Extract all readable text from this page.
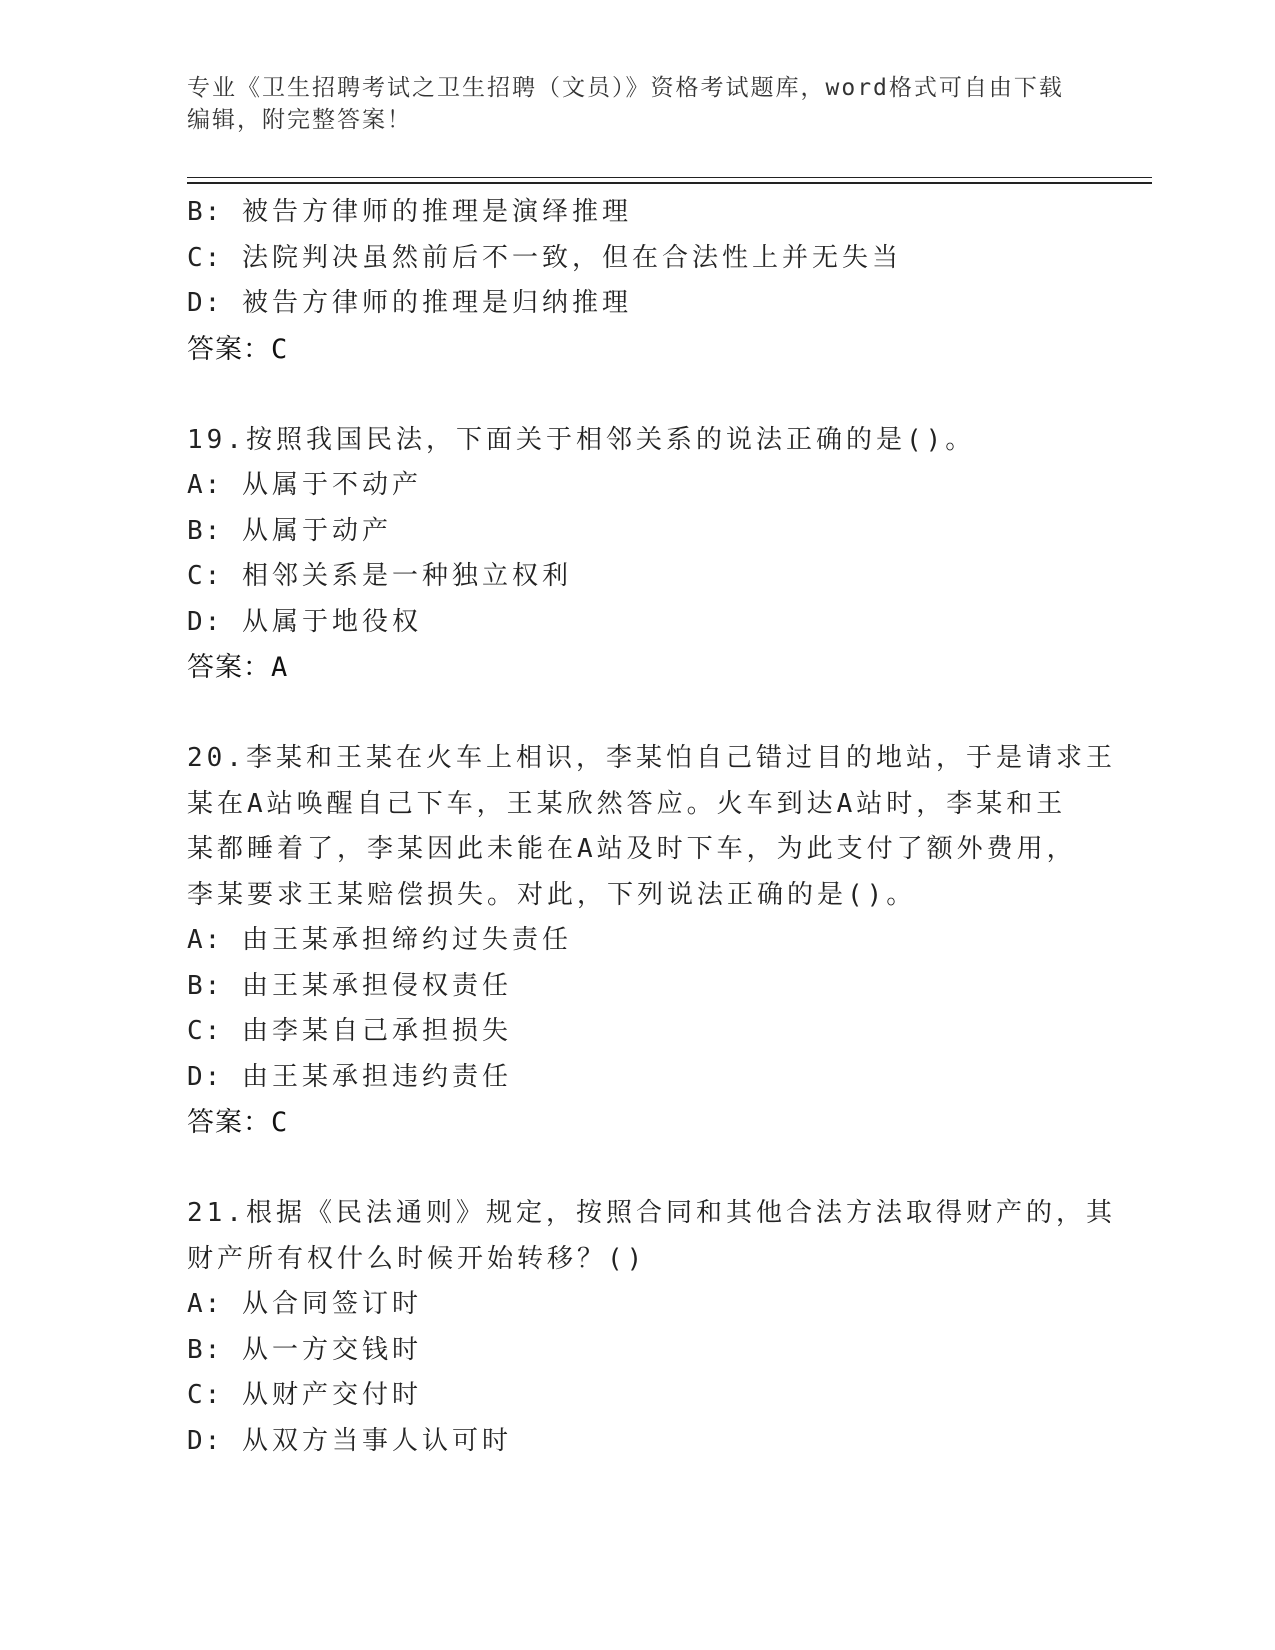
专业《卫生招聘考试之卫生招聘（文员）》资格考试题库，word格式可自由下载
编辑，附完整答案！
B: 被告方律师的推理是演绎推理
C: 法院判决虽然前后不一致，但在合法性上并无失当
D: 被告方律师的推理是归纳推理
答案：C
19.按照我国民法，下面关于相邻关系的说法正确的是()。
A: 从属于不动产
B: 从属于动产
C: 相邻关系是一种独立权利
D: 从属于地役权
答案：A
20.李某和王某在火车上相识，李某怕自己错过目的地站，于是请求王
某在A站唤醒自己下车，王某欣然答应。火车到达A站时，李某和王
某都睡着了，李某因此未能在A站及时下车，为此支付了额外费用，
李某要求王某赔偿损失。对此，下列说法正确的是()。
A: 由王某承担缔约过失责任
B: 由王某承担侵权责任
C: 由李某自己承担损失
D: 由王某承担违约责任
答案：C
21.根据《民法通则》规定，按照合同和其他合法方法取得财产的，其
财产所有权什么时候开始转移？()
A: 从合同签订时
B: 从一方交钱时
C: 从财产交付时
D: 从双方当事人认可时
